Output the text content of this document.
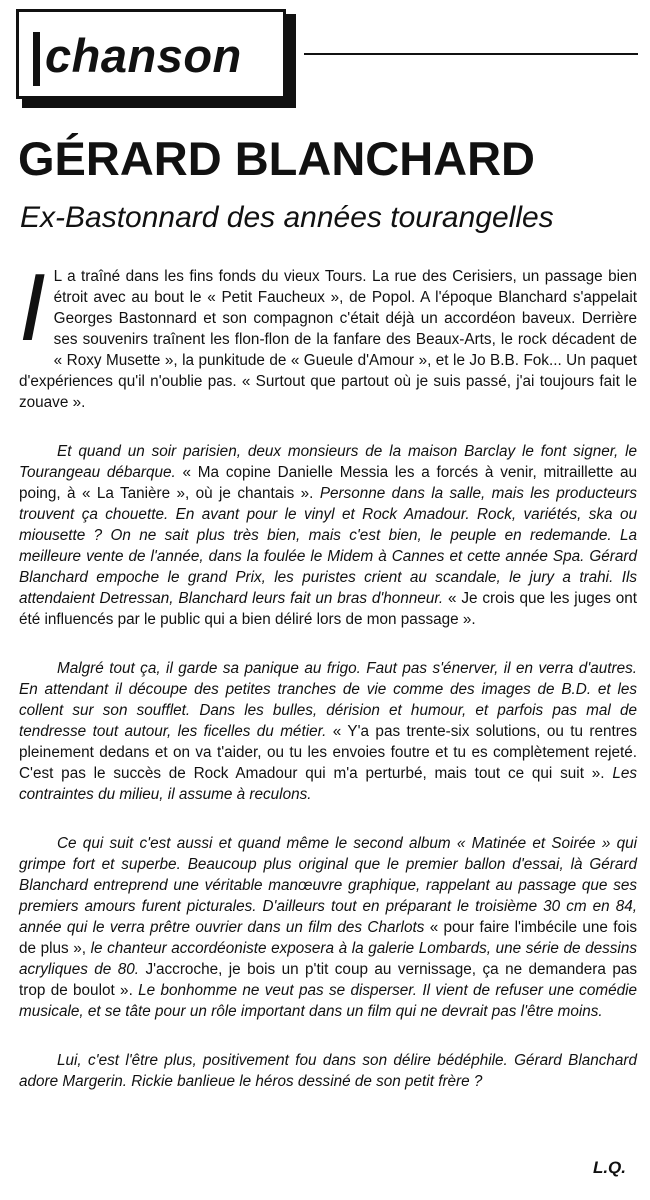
chanson
GÉRARD BLANCHARD
Ex-Bastonnard des années tourangelles

I L a traîné dans les fins fonds du vieux Tours. La rue des Cerisiers, un passage bien étroit avec au bout le « Petit Faucheux », de Popol. A l'époque Blanchard s'appelait Georges Bastonnard et son compagnon c'était déjà un accordéon baveux. Derrière ses souvenirs traînent les flon-flon de la fanfare des Beaux-Arts, le rock décadent de « Roxy Musette », la punkitude de « Gueule d'Amour », et le Jo B.B. Fok... Un paquet d'expériences qu'il n'oublie pas. « Surtout que partout où je suis passé, j'ai toujours fait le zouave ».

Et quand un soir parisien, deux monsieurs de la maison Barclay le font signer, le Tourangeau débarque. « Ma copine Danielle Messia les a forcés à venir, mitraillette au poing, à « La Tanière », où je chantais ». Personne dans la salle, mais les producteurs trouvent ça chouette. En avant pour le vinyl et Rock Amadour. Rock, variétés, ska ou miousette ? On ne sait plus très bien, mais c'est bien, le peuple en redemande. La meilleure vente de l'année, dans la foulée le Midem à Cannes et cette année Spa. Gérard Blanchard empoche le grand Prix, les puristes crient au scandale, le jury a trahi. Ils attendaient Detressan, Blanchard leurs fait un bras d'honneur. « Je crois que les juges ont été influencés par le public qui a bien déliré lors de mon passage ».

Malgré tout ça, il garde sa panique au frigo. Faut pas s'énerver, il en verra d'autres. En attendant il découpe des petites tranches de vie comme des images de B.D. et les collent sur son soufflet. Dans les bulles, dérision et humour, et parfois pas mal de tendresse tout autour, les ficelles du métier. « Y'a pas trente-six solutions, ou tu rentres pleinement dedans et on va t'aider, ou tu les envoies foutre et tu es complètement rejeté. C'est pas le succès de Rock Amadour qui m'a perturbé, mais tout ce qui suit ». Les contraintes du milieu, il assume à reculons.

Ce qui suit c'est aussi et quand même le second album « Matinée et Soirée » qui grimpe fort et superbe. Beaucoup plus original que le premier ballon d'essai, là Gérard Blanchard entreprend une véritable manœuvre graphique, rappelant au passage que ses premiers amours furent picturales. D'ailleurs tout en préparant le troisième 30 cm en 84, année qui le verra prêtre ouvrier dans un film des Charlots « pour faire l'imbécile une fois de plus », le chanteur accordéoniste exposera à la galerie Lombards, une série de dessins acryliques de 80. J'accroche, je bois un p'tit coup au vernissage, ça ne demandera pas trop de boulot ». Le bonhomme ne veut pas se disperser. Il vient de refuser une comédie musicale, et se tâte pour un rôle important dans un film qui ne devrait pas l'être moins.

Lui, c'est l'être plus, positivement fou dans son délire bédéphile. Gérard Blanchard adore Margerin. Rickie banlieue le héros dessiné de son petit frère ?

L.Q.
